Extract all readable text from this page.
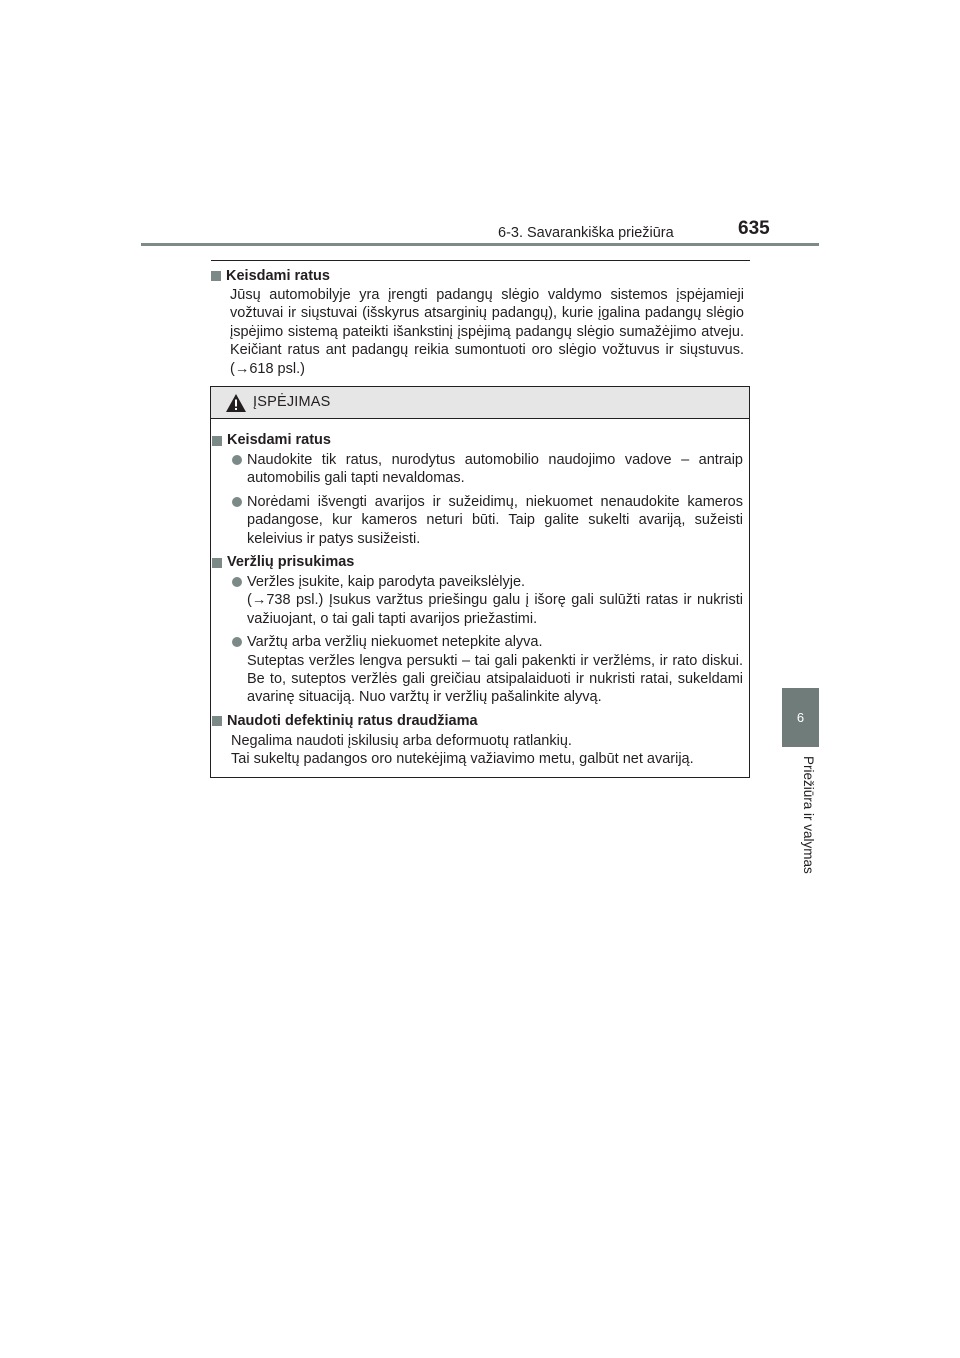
6-3. Savarankiška priežiūra	635
6
Priežiūra ir valymas
Keisdami ratus
Jūsų automobilyje yra įrengti padangų slėgio valdymo sistemos įspėjamieji vožtuvai ir siųstuvai (išskyrus atsarginių padangų), kurie įgalina padangų slėgio įspėjimo sistemą pateikti išankstinį įspėjimą padangų slėgio sumažėjimo atveju. Keičiant ratus ant padangų reikia sumontuoti oro slėgio vožtuvus ir siųstuvus. (→618 psl.)
ĮSPĖJIMAS
Keisdami ratus
Naudokite tik ratus, nurodytus automobilio naudojimo vadove – antraip automobilis gali tapti nevaldomas.
Norėdami išvengti avarijos ir sužeidimų, niekuomet nenaudokite kameros padangose, kur kameros neturi būti. Taip galite sukelti avariją, sužeisti keleivius ir patys susižeisti.
Veržlių prisukimas
Veržles įsukite, kaip parodyta paveikslėlyje.
(→738 psl.) Įsukus varžtus priešingu galu į išorę gali sulūžti ratas ir nukristi važiuojant, o tai gali tapti avarijos priežastimi.
Varžtų arba veržlių niekuomet netepkite alyva.
Suteptas veržles lengva persukti – tai gali pakenkti ir veržlėms, ir rato diskui. Be to, suteptos veržlės gali greičiau atsipalaiduoti ir nukristi ratai, sukeldami avarinę situaciją. Nuo varžtų ir veržlių pašalinkite alyvą.
Naudoti defektinių ratus draudžiama
Negalima naudoti įskilusių arba deformuotų ratlankių.
Tai sukeltų padangos oro nutekėjimą važiavimo metu, galbūt net avariją.
